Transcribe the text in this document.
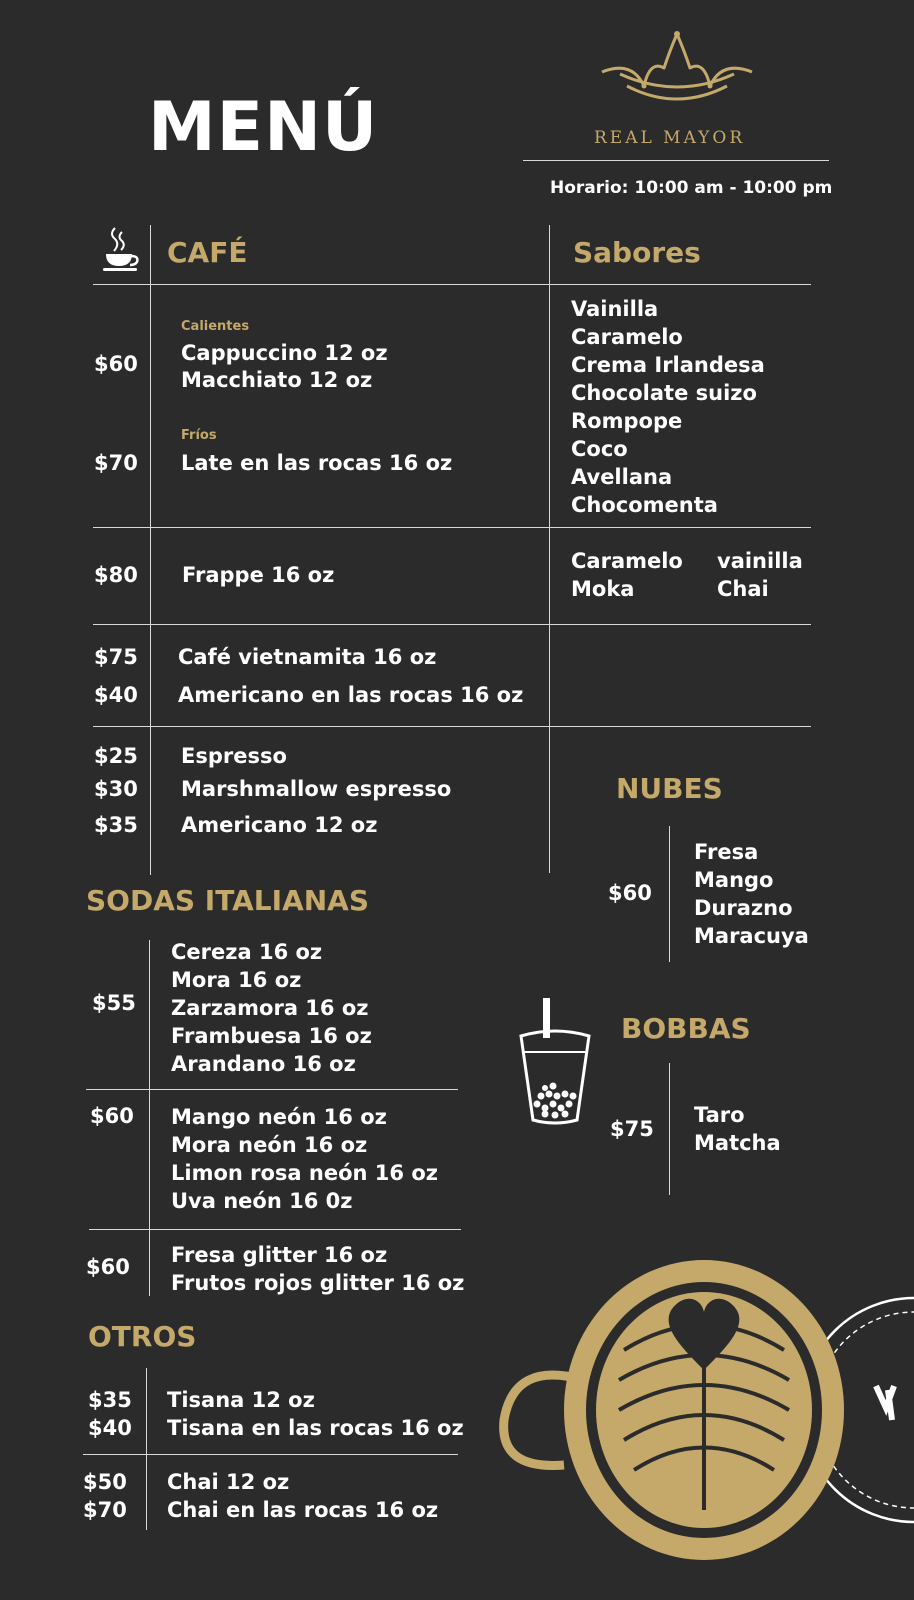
MENÚ	REAL MAYOR
Horario: 10:00 am - 10:00 pm
CAFÉ	Sabores
Calientes
$60 Cappuccino 12 oz
Macchiato 12 oz
Fríos
$70 Late en las rocas 16 oz
$80 Frappe 16 oz
$75 Café vietnamita 16 oz
$40 Americano en las rocas 16 oz
$25 Espresso
$30 Marshmallow espresso
$35 Americano 12 oz
Vainilla
Caramelo
Crema Irlandesa
Chocolate suizo
Rompope
Coco
Avellana
Chocomenta
Caramelo
Moka
vainilla
Chai
SODAS ITALIANAS
$55
Cereza 16 oz
Mora 16 oz
Zarzamora 16 oz
Frambuesa 16 oz
Arandano 16 oz
$60 Mango neón 16 oz
Mora neón 16 oz
Limon rosa neón 16 oz
Uva neón 16 0z
$60 Fresa glitter 16 oz
Frutos rojos glitter 16 oz
OTROS
$35
$40
Tisana 12 oz
Tisana en las rocas 16 oz
$50
$70
Chai 12 oz
Chai en las rocas 16 oz
NUBES
$60
Fresa
Mango
Durazno
Maracuya
BOBBAS
$75
Taro
Matcha
